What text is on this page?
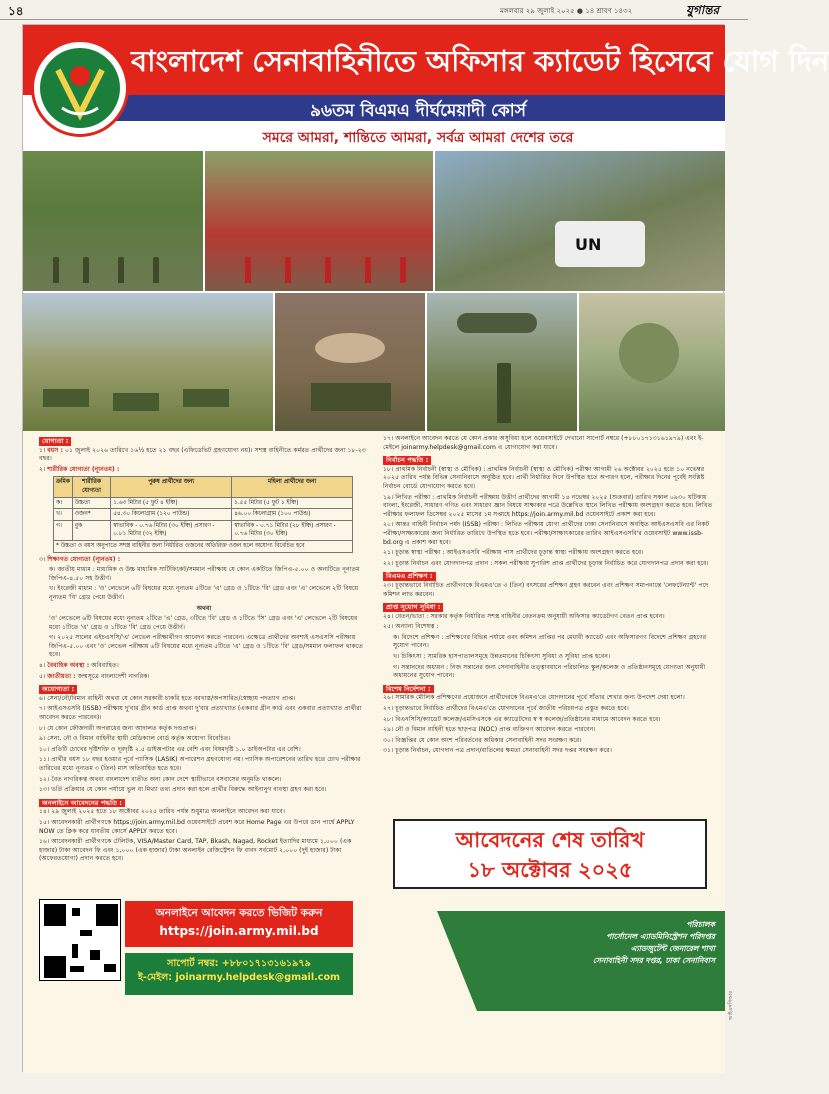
১৪	মঙ্গলবার ২৯ জুলাই ২০২৫ ● ১৪ শ্রাবণ ১৪৩২	যুগান্তর
বাংলাদেশ সেনাবাহিনীতে অফিসার ক্যাডেট হিসেবে যোগ দিন
৯৬তম বিএমএ দীর্ঘমেয়াদী কোর্স
সমরে আমরা, শান্তিতে আমরা, সর্বত্র আমরা দেশের তরে
UN
যোগ্যতা :
১। বয়স : ০১ জুলাই ২০২৬ তারিখে ১৬½ হতে ২১ বছর (এফিডেভিট গ্রহণযোগ্য নয়)। সশস্ত্র বাহিনীতে কর্মরত প্রার্থীদের জন্য ১৮-২৩ বছর।
২। শারীরিক যোগ্যতা (ন্যূনতম) :
ক্রমিক	শারীরিক যোগ্যতা	পুরুষ প্রার্থীদের জন্য	মহিলা প্রার্থীদের জন্য
ক।	উচ্চতা	১.৬৩ মিটার (৫ ফুট ৪ ইঞ্চি)	১.৫৫ মিটার (৫ ফুট ১ ইঞ্চি)
খ।	ওজন*	৫৪.৩০ কিলোগ্রাম (১২০ পাউন্ড)	৪৬.০০ কিলোগ্রাম (১০০ পাউন্ড)
গ।	বুক	স্বাভাবিক - ০.৭৬ মিটার (৩০ ইঞ্চি) প্রসারণ - ০.৮১ মিটার (৩২ ইঞ্চি)	স্বাভাবিক - ০.৭১ মিটার (২৮ ইঞ্চি) প্রসারণ - ০.৭৬ মিটার (৩০ ইঞ্চি)
* উচ্চতা ও বয়স অনুপাতে সশস্ত্র বাহিনীর জন্য নির্ধারিত ওজনের অতিরিক্ত ওজন হলে অযোগ্য বিবেচিত হবে			
৩। শিক্ষাগত যোগ্যতা (ন্যূনতম) :
ক। জাতীয় মাধ্যম : মাধ্যমিক ও উচ্চ মাধ্যমিক সার্টিফিকেট/সমমান পরীক্ষায় যে কোন একটিতে জিপিএ-৫.০০ ও অন্যটিতে নূন্যতম জিপিএ-৪.৫০ সহ উত্তীর্ণ।
খ। ইংরেজী মাধ্যম : 'ও' লেভেলে ৬টি বিষয়ের মধ্যে নূন্যতম ৫টিতে 'এ' গ্রেড ও ১টিতে 'বি' গ্রেড এবং 'এ' লেভেলে ২টি বিষয়ে নূন্যতম 'বি' গ্রেড পেয়ে উত্তীর্ণ।
অথবা
'ও' লেভেলে ৬টি বিষয়ের মধ্যে নূন্যতম ২টিতে 'এ' গ্রেড, ৩টিতে 'বি' গ্রেড ও ১টিতে 'সি' গ্রেড এবং 'এ' লেভেলে ২টি বিষয়ের মধ্যে ১টিতে 'এ' গ্রেড ও ১টিতে 'বি' গ্রেড পেয়ে উত্তীর্ণ।
গ। ২০২৫ সালের এইচএসসি/'এ' লেভেল পরীক্ষার্থীগণ আবেদন করতে পারবেন। এক্ষেত্রে প্রার্থীদের অবশ্যই এসএসসি পরীক্ষায় জিপিএ-৫.০০ এবং 'ও' লেভেল পরীক্ষায় ৬টি বিষয়ের মধ্যে নূন্যতম ৫টিতে 'এ' গ্রেড ও ১টিতে 'বি' গ্রেড/সমমান ফলাফল থাকতে হবে।
৪। বৈবাহিক অবস্থা : অবিবাহিত।
৫। জাতীয়তা : জন্মসূত্রে বাংলাদেশী নাগরিক।
অযোগ্যতা :
৬। সেনা/নৌ/বিমান বাহিনী অথবা যে কোন সরকারী চাকরি হতে বরখাস্ত/অপসারিত/স্বেচ্ছায় পদত্যাগ প্রাপ্ত।
৭। আইএসএসবি (ISSB) পরীক্ষায় দু'বার গ্রীন কার্ড প্রাপ্ত অথবা দু'বার প্রত্যাখ্যাত (একবার গ্রীন কার্ড এবং একবার প্রত্যাখ্যাত প্রার্থীরা আবেদন করতে পারবেন)।
৮। যে কোন ফৌজদারী অপরাধের জন্য আদালত কর্তৃক দণ্ডপ্রাপ্ত।
৯। সেনা, নৌ ও বিমান বাহিনীর স্থায়ী মেডিক্যাল বোর্ড কর্তৃক অযোগ্য বিবেচিত।
১০। প্রতিটি চোখের দৃষ্টিশক্তি ও দূরদৃষ্টি ২.৫ ডাইঅপটার এর বেশি এবং বিষমদৃষ্টি ১.০ ডাইঅপটার এর বেশি।
১১। প্রার্থীর বয়স ১৮ বছর হওয়ার পূর্বে প্যাসিক (LASIK) অপারেশন গ্রহণযোগ্য নয়। প্যাসিক অপারেশনের তারিখ হতে চোখ পরীক্ষার তারিখের মধ্যে নূন্যতম ৩ (তিন) মাস অতিবাহিত হতে হবে।
১২। বৈত নাগরিকত্ব অথবা বাংলাদেশ ব্যতীত অন্য কোন দেশে স্থায়ীভাবে বসবাসের অনুমতি থাকলে।
১৩। ভর্তি প্রক্রিয়ার যে কোন পর্যায়ে ভুল বা মিথ্যা তথ্য প্রদান করা হলে প্রার্থীর বিরুদ্ধে আইনানুগ ব্যবস্থা গ্রহণ করা হবে।
অনলাইনে আবেদনের পদ্ধতি :
১৪। ২৯ জুলাই ২০২৫ হতে ১৮ অক্টোবর ২০২৫ তারিখ পর্যন্ত শুধুমাত্র অনলাইনে আবেদন করা যাবে।
১৫। আবেদনকারী প্রার্থীগণকে https://join.army.mil.bd ওয়েবসাইটে প্রবেশ করে Home Page এর উপরে ডান পার্শ্বে APPLY NOW তে ক্লিক করে যাবতীয় কোর্সে APPLY করতে হবে।
১৬। আবেদনকারী প্রার্থীগণকে টেলিটক, VISA/Master Card, TAP, Bkash, Nagad, Rocket ইত্যাদির মাধ্যমে ১,০০০ (এক হাজার) টাকা আবেদন ফি এবং ১,০০০ (এক হাজার) টাকা অনলাইন রেজিস্ট্রেশন ফি বাবদ সর্বমোট ২,০০০ (দুই হাজার) টাকা (অফেরতযোগ্য) প্রদান করতে হবে।
১৭। অনলাইনে আবেদন করতে যে কোন প্রকার অসুবিধা হলে ওয়েবসাইটে দেখানো সাপোর্ট নম্বরে (+৮৮০১৭১৩১৬১৯৭৯) এবং ই-মেইলে joinarmy.helpdesk@gmail.com এ যোগাযোগ করা যাবে।
নির্বাচন পদ্ধতি :
১৮। প্রাথমিক নির্বাচনী (স্বাস্থ্য ও মৌখিক) : প্রাথমিক নির্বাচনী (স্বাস্থ্য ও মৌখিক) পরীক্ষা আগামী ২৬ অক্টোবর ২০২৫ হতে ১০ নভেম্বর ২০২৫ তারিখ পর্যন্ত বিভিন্ন সেনানিবাসে অনুষ্ঠিত হবে। প্রার্থী নির্ধারিত দিনে উপস্থিত হতে অপারগ হলে, পরীক্ষার দিনের পূর্বেই সংশ্লিষ্ট নির্বাচন বোর্ডে যোগাযোগ করতে হবে।
১৯। লিখিত পরীক্ষা : প্রাথমিক নির্বাচনী পরীক্ষায় উত্তীর্ণ প্রার্থীদের আগামী ১৪ নভেম্বর ২০২৫ (শুক্রবার) তারিখ সকাল ০৯৩০ ঘটিকায় বাংলা, ইংরেজী, সাধারণ গণিত এবং সাধারণ জ্ঞান বিষয়ে সাক্ষ্যকার পত্রে উল্লেখিত স্থানে লিখিত পরীক্ষায় অংশগ্রহণ করতে হবে। লিখিত পরীক্ষার ফলাফল ডিসেম্বর ২০২৫ মাসের ১ম সপ্তাহে https://join.army.mil.bd ওয়েবসাইটে প্রকাশ করা হবে।
২০। আন্তঃ বাহিনী নির্বাচন পর্ষদ (ISSB) পরীক্ষা : লিখিত পরীক্ষায় যোগ্য প্রার্থীদের ঢাকা সেনানিবাসে অবস্থিত আইএসএসবি এর নিকট পরীক্ষা/সাক্ষ্যকারের জন্য নির্ধারিত তারিখে উপস্থিত হতে হবে। পরীক্ষা/সাক্ষাৎকারের তারিখ আইএসএসবি'র ওয়েবসাইট www.issb-bd.org এ প্রকাশ করা হবে।
২১। চূড়ান্ত স্বাস্থ্য পরীক্ষা : আইএসএসবি পরীক্ষায় পাস প্রার্থীদের চূড়ান্ত স্বাস্থ্য পরীক্ষায় অংশগ্রহণ করতে হবে।
২২। চূড়ান্ত নির্বাচন এবং যোগদানপত্র প্রদান : সকল পরীক্ষায় সুপারিশ প্রাপ্ত প্রার্থীদের চূড়ান্ত নির্বাচিত করে যোগদানপত্র প্রদান করা হবে।
বিএমএ প্রশিক্ষণ :
২৩। চূড়ান্তভাবে নির্বাচিত প্রার্থীগণকে বিএমএ'তে ৩ (তিন) বৎসরের প্রশিক্ষণ গ্রহণ করবেন এবং প্রশিক্ষণ সমাপনান্তে 'লেফটেন্যান্ট' পদে কমিশন লাভ করবেন।
প্রাপ্ত সুযোগ সুবিধা :
২৪। বেতন/ভাতা : সরকার কর্তৃক নির্ধারিত সশস্ত্র বাহিনীর বেতনক্রম অনুযায়ী অফিসার ক্যাডেটগণ বেতন প্রাপ্ত হবেন।
২৫। অন্যান্য বিশেষত্ব :
ক। বিদেশে প্রশিক্ষণ : প্রশিক্ষণের বিভিন্ন পর্যায়ে এবং কমিশন প্রাপ্তির পর মেধাবী ক্যাডেট এবং অফিসারগণ বিদেশে প্রশিক্ষণ গ্রহণের সুযোগ পাবেন।
খ। চিকিৎসা : সামরিক হাসপাতালসমূহে উন্নতমানের চিকিৎসা সুবিধা ও সুবিধা প্রাপ্ত হবেন।
গ। সন্তানদের অধ্যয়ন : নিজ সন্তানের জন্য সেনাবাহিনীর তত্ত্বাবধানে পরিচালিত স্কুল/কলেজ ও প্রতিষ্ঠানসমূহে যোগ্যতা অনুযায়ী অধ্যয়নের সুযোগ পাবেন।
বিশেষ নির্দেশনা :
২৬। সামরিক মৌলিক প্রশিক্ষণের প্রয়োজনে প্রার্থীদেরকে বিএমএ'তে যোগদানের পূর্বে সাঁতার শেখার জন্য উপদেশ দেয়া হলো।
২৭। চূড়ান্তভাবে নির্বাচিত প্রার্থীদের বিএমএ'তে যোগদানের পূর্বে জাতীয় পরিচয়পত্র প্রস্তুত করতে হবে।
২৮। বিএনসিসি/ক্যাডেট কলেজ/এমসিএসকে এর ক্যাডেটদের স্ব স্ব কলেজ/প্রতিষ্ঠানের মাধ্যমে আবেদন করতে হবে।
২৯। নৌ ও বিমান বাহিনী হতে ছাড়পত্র (NOC) প্রাপ্ত ব্যক্তিগণ আবেদন করতে পারবেন।
৩০। বিজ্ঞপ্তির যে কোন অংশ পরিবর্তনের অধিকার সেনাবাহিনী সদর সংরক্ষণ করে।
৩১। চূড়ান্ত নির্বাচন, যোগদান পত্র প্রদান/বাতিলের ক্ষমতা সেনাবাহিনী সদর দপ্তর সংরক্ষণ করে।
অনলাইনে আবেদন করতে ভিজিট করুন
https://join.army.mil.bd
সাপোর্ট নম্বর: +৮৮০১৭১৩১৬১৯৭৯
ই-মেইল: joinarmy.helpdesk@gmail.com
আবেদনের শেষ তারিখ
১৮ অক্টোবর ২০২৫
পরিচালক
পার্সোনেল এ্যাডমিনিস্ট্রেশন পরিদপ্তর
এ্যাডজুটেন্ট জেনারেল শাখা
সেনাবাহিনী সদর দপ্তর, ঢাকা সেনানিবাস
আইএসপিআর
